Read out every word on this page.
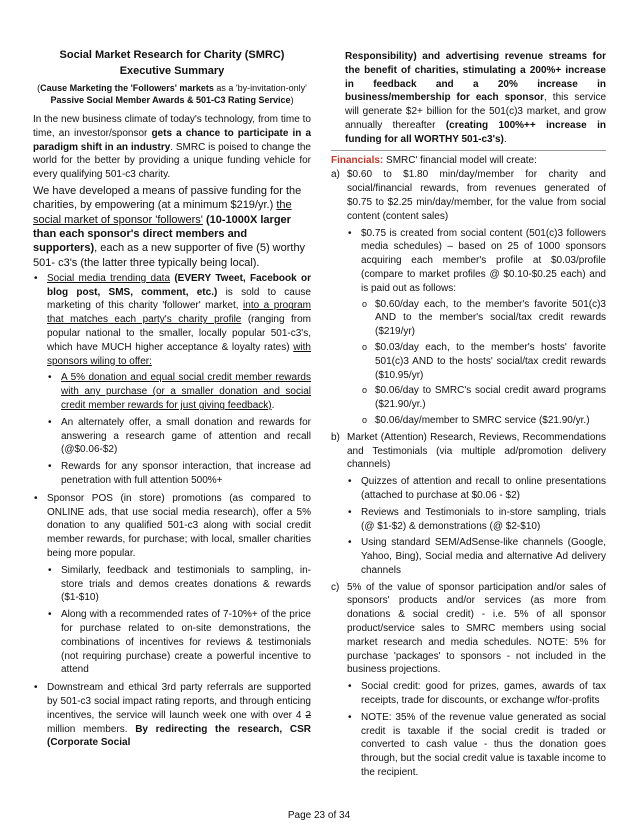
Social Market Research for Charity (SMRC)
Executive Summary

(Cause Marketing the 'Followers' markets as a 'by-invitation-only' Passive Social Member Awards & 501-C3 Rating Service)

In the new business climate of today's technology, from time to time, an investor/sponsor gets a chance to participate in a paradigm shift in an industry. SMRC is poised to change the world for the better by providing a unique funding vehicle for every qualifying 501-c3 charity.

We have developed a means of passive funding for the charities, by empowering (at a minimum $219/yr.) the social market of sponsor 'followers' (10-1000X larger than each sponsor's direct members and supporters), each as a new supporter of five (5) worthy 501- c3's (the latter three typically being local).

• Social media trending data (EVERY Tweet, Facebook or blog post, SMS, comment, etc.) is sold to cause marketing of this charity 'follower' market, into a program that matches each party's charity profile (ranging from popular national to the smaller, locally popular 501-c3's, which have MUCH higher acceptance & loyalty rates) with sponsors wiling to offer:
• A 5% donation and equal social credit member rewards with any purchase (or a smaller donation and social credit member rewards for just giving feedback).
• An alternately offer, a small donation and rewards for answering a research game of attention and recall (@$0.06-$2)
• Rewards for any sponsor interaction, that increase ad penetration with full attention 500%+
• Sponsor POS (in store) promotions (as compared to ONLINE ads, that use social media research), offer a 5% donation to any qualified 501-c3 along with social credit member rewards, for purchase; with local, smaller charities being more popular.
• Similarly, feedback and testimonials to sampling, in-store trials and demos creates donations & rewards ($1-$10)
• Along with a recommended rates of 7-10%+ of the price for purchase related to on-site demonstrations, the combinations of incentives for reviews & testimonials (not requiring purchase) create a powerful incentive to attend
• Downstream and ethical 3rd party referrals are supported by 501-c3 social impact rating reports, and through enticing incentives, the service will launch week one with over 4 2 million members. By redirecting the research, CSR (Corporate Social

Responsibility) and advertising revenue streams for the benefit of charities, stimulating a 200%+ increase in feedback and a 20% increase in business/membership for each sponsor, this service will generate $2+ billion for the 501(c)3 market, and grow annually thereafter (creating 100%++ increase in funding for all WORTHY 501-c3's).

Financials: SMRC' financial model will create:

a) $0.60 to $1.80 min/day/member for charity and social/financial rewards, from revenues generated of $0.75 to $2.25 min/day/member, for the value from social content (content sales)
• $0.75 is created from social content (501(c)3 followers media schedules) – based on 25 of 1000 sponsors acquiring each member's profile at $0.03/profile (compare to market profiles @ $0.10-$0.25 each) and is paid out as follows:
o $0.60/day each, to the member's favorite 501(c)3 AND to the member's social/tax credit rewards ($219/yr)
o $0.03/day each, to the member's hosts' favorite 501(c)3 AND to the hosts' social/tax credit rewards ($10.95/yr)
o $0.06/day to SMRC's social credit award programs ($21.90/yr.)
o $0.06/day/member to SMRC service ($21.90/yr.)
b) Market (Attention) Research, Reviews, Recommendations and Testimonials (via multiple ad/promotion delivery channels)
• Quizzes of attention and recall to online presentations (attached to purchase at $0.06 - $2)
• Reviews and Testimonials to in-store sampling, trials (@ $1-$2) & demonstrations (@ $2-$10)
• Using standard SEM/AdSense-like channels (Google, Yahoo, Bing), Social media and alternative Ad delivery channels
c) 5% of the value of sponsor participation and/or sales of sponsors' products and/or services (as more from donations & social credit) - i.e. 5% of all sponsor product/service sales to SMRC members using social market research and media schedules. NOTE: 5% for purchase 'packages' to sponsors - not included in the business projections.
• Social credit: good for prizes, games, awards of tax receipts, trade for discounts, or exchange w/for-profits
• NOTE: 35% of the revenue value generated as social credit is taxable if the social credit is traded or converted to cash value - thus the donation goes through, but the social credit value is taxable income to the recipient.
Page 23 of 34
